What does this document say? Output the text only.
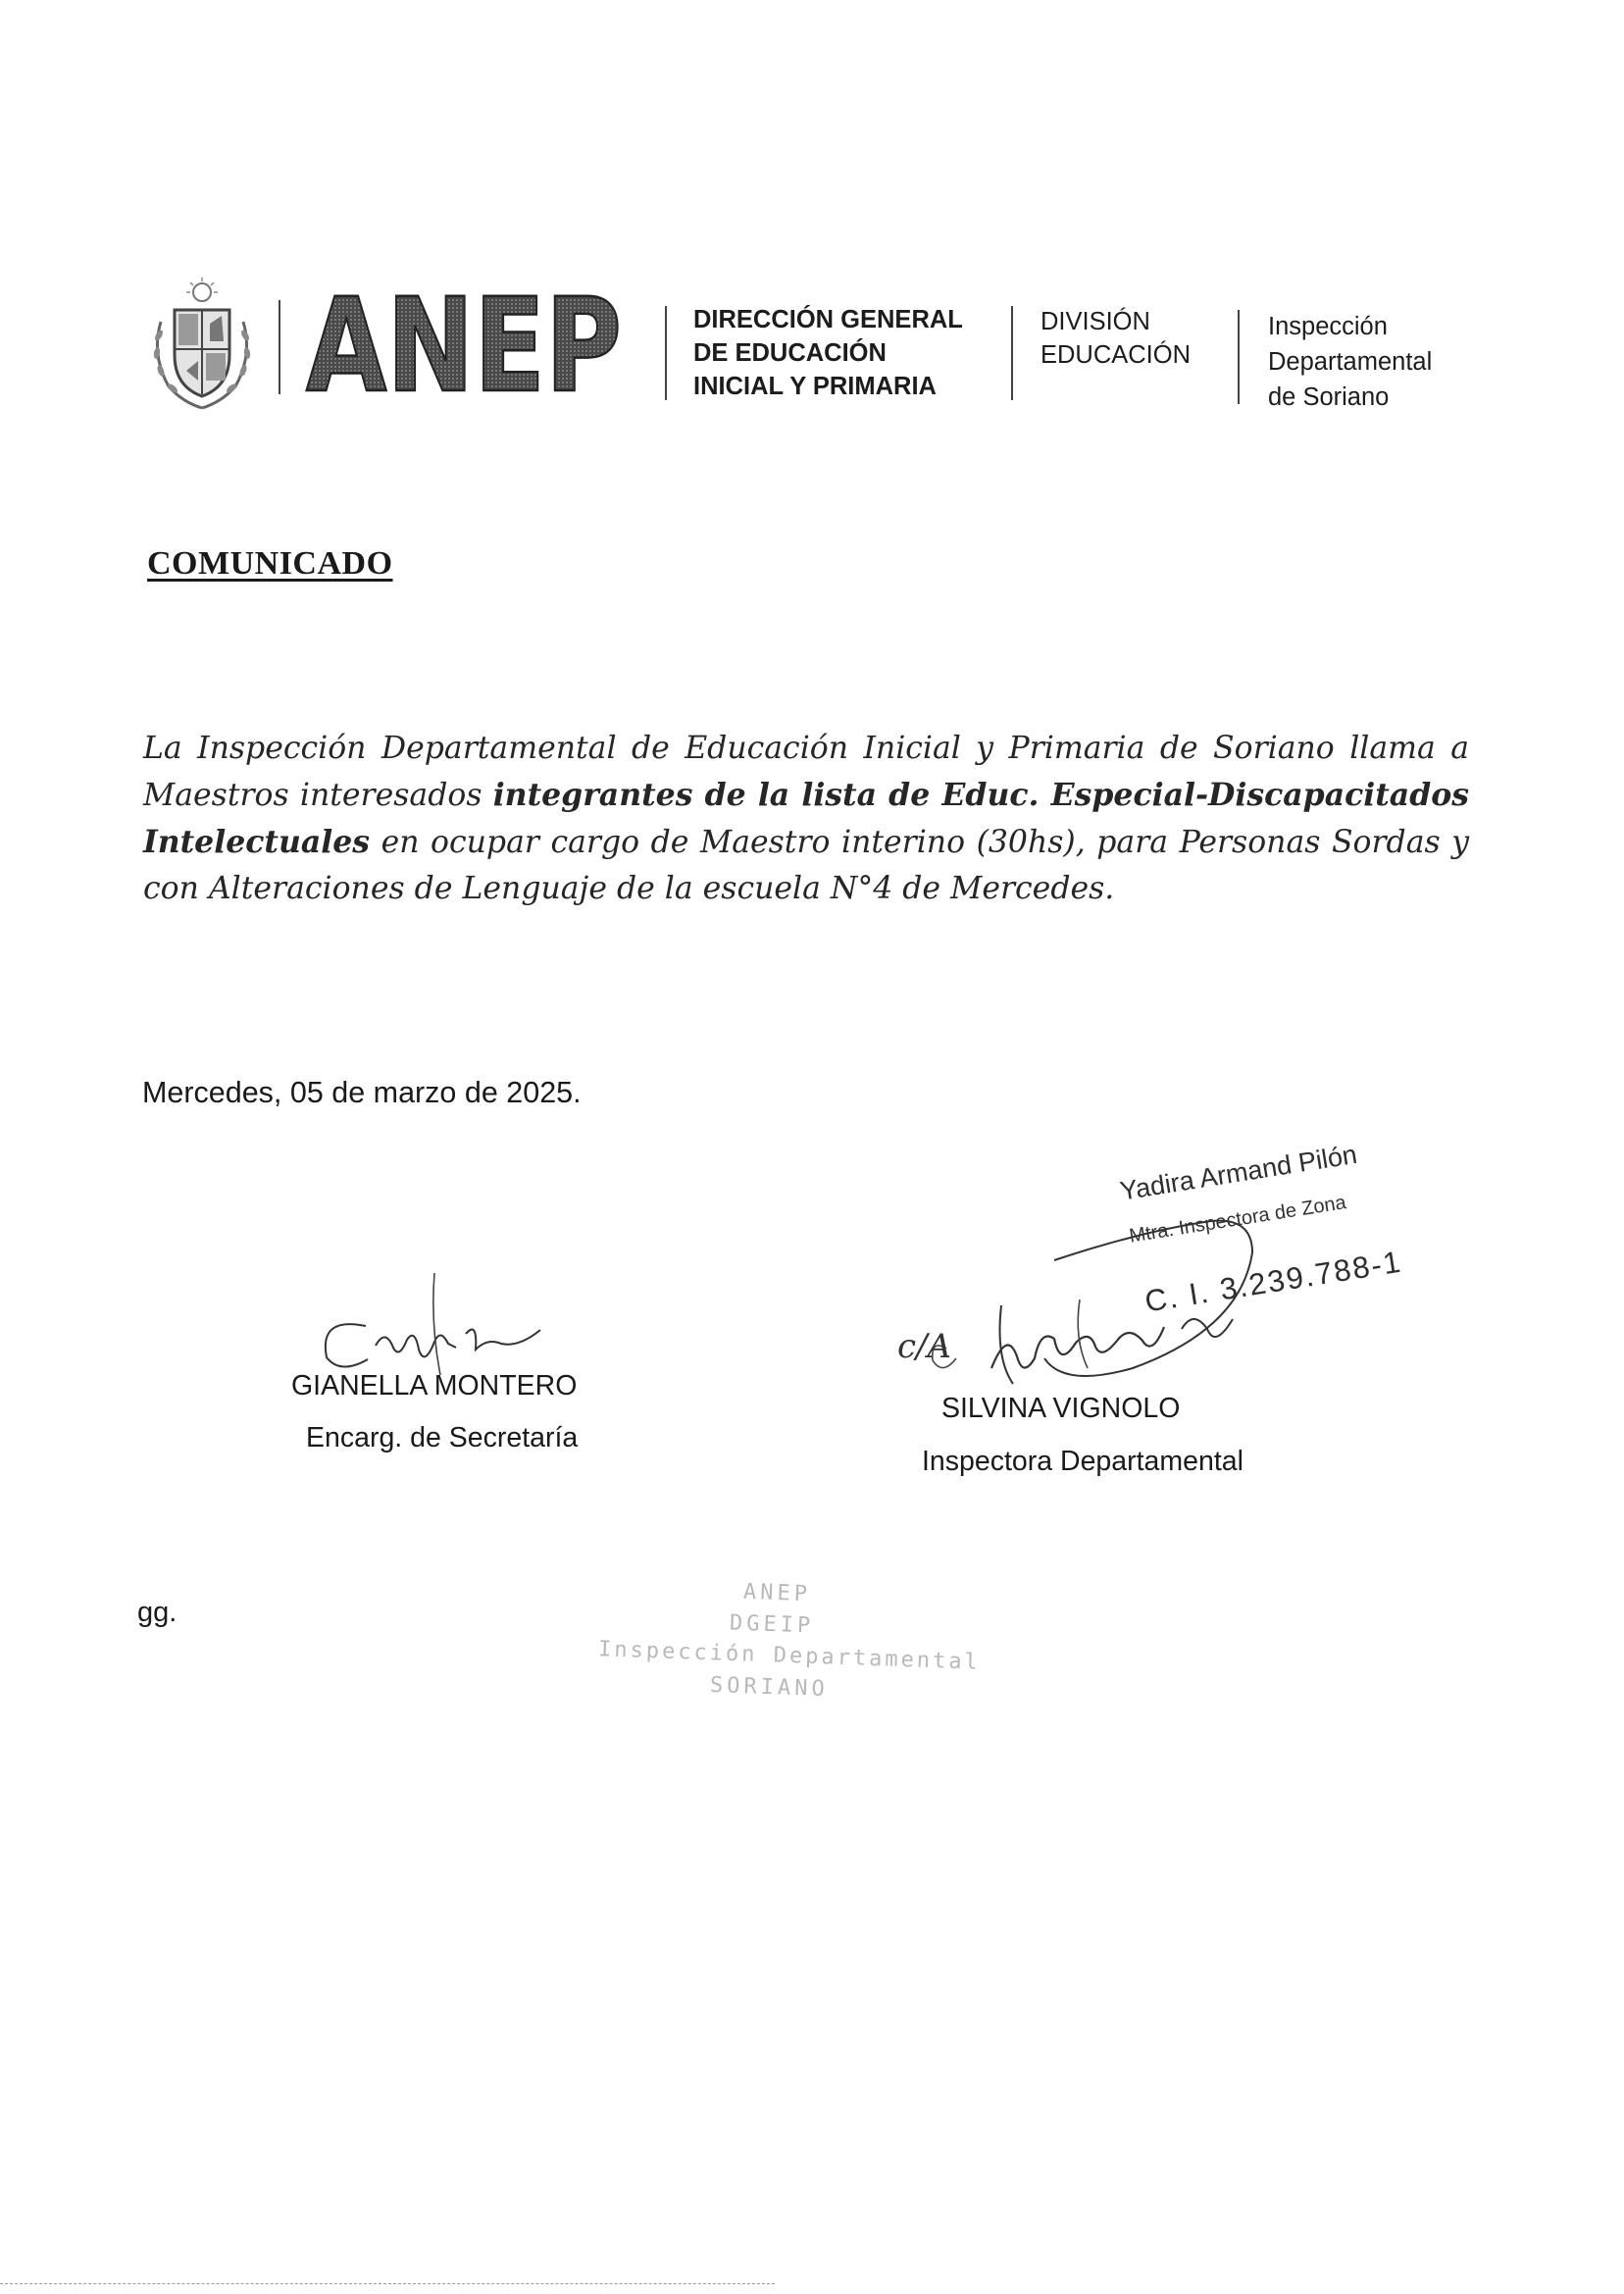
ANEP	DIRECCIÓN GENERAL
DE EDUCACIÓN
INICIAL Y PRIMARIA
DIVISIÓN
EDUCACIÓN
Inspección
Departamental
de Soriano
COMUNICADO
La Inspección Departamental de Educación Inicial y Primaria de Soriano llama a Maestros interesados integrantes de la lista de Educ. Especial-Discapacitados Intelectuales en ocupar cargo de Maestro interino (30hs), para Personas Sordas y con Alteraciones de Lenguaje de la escuela N°4 de Mercedes.
Mercedes, 05 de marzo de 2025.
GIANELLA MONTERO
Encarg. de Secretaría
Yadira Armand Pilón
Mtra. Inspectora de Zona
C. I. 3.239.788-1
c/A
SILVINA VIGNOLO
Inspectora Departamental
gg.
ANEP
DGEIP
Inspección Departamental
SORIANO
